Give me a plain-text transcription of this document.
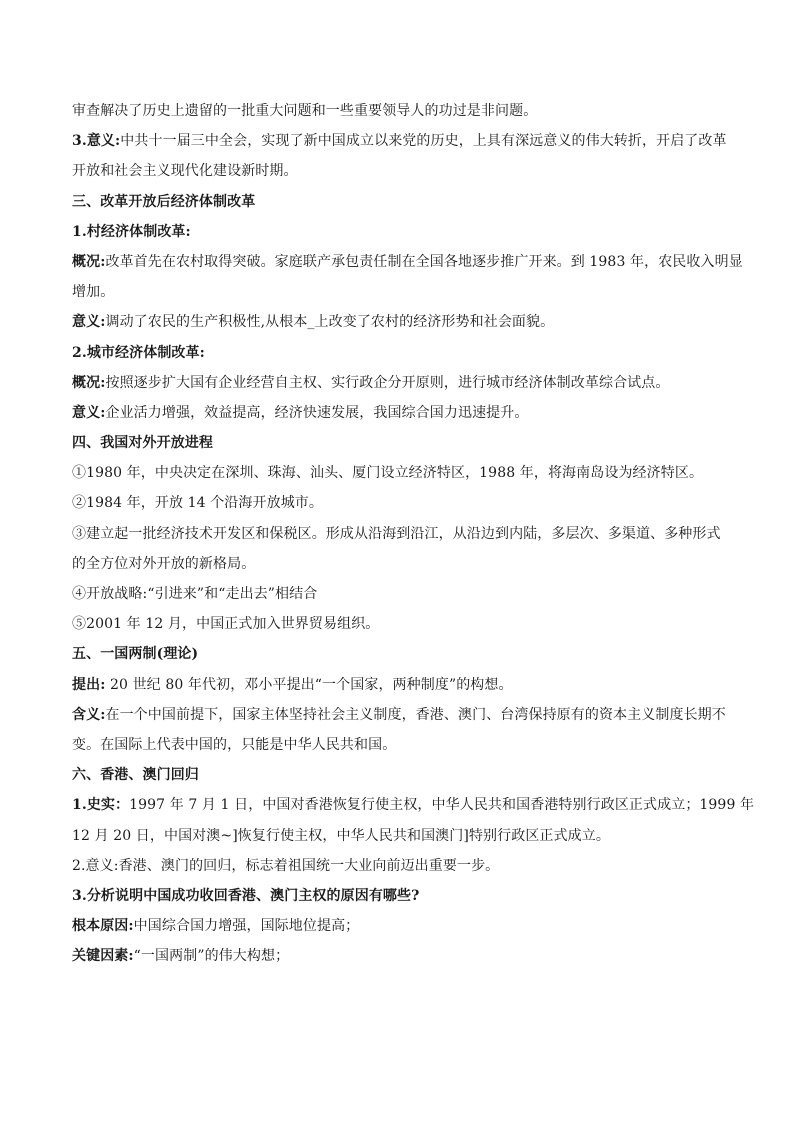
审查解决了历史上遗留的一批重大问题和一些重要领导人的功过是非问题。
3.意义:中共十一届三中全会，实现了新中国成立以来党的历史，上具有深远意义的伟大转折，开启了改革
开放和社会主义现代化建设新时期。
三、改革开放后经济体制改革
1.村经济体制改革:
概况:改革首先在农村取得突破。家庭联产承包责任制在全国各地逐步推广开来。到 1983 年，农民收入明显
增加。
意义:调动了农民的生产积极性,从根本_上改变了农村的经济形势和社会面貌。
2.城市经济体制改革:
概况:按照逐步扩大国有企业经营自主权、实行政企分开原则，进行城市经济体制改革综合试点。
意义:企业活力增强，效益提高，经济快速发展，我国综合国力迅速提升。
四、我国对外开放进程
①1980 年，中央决定在深圳、珠海、汕头、厦门设立经济特区，1988 年，将海南岛设为经济特区。
②1984 年，开放 14 个沿海开放城市。
③建立起一批经济技术开发区和保税区。形成从沿海到沿江，从沿边到内陆，多层次、多渠道、多种形式
的全方位对外开放的新格局。
④开放战略:“引进来”和“走出去”相结合
⑤2001 年 12 月，中国正式加入世界贸易组织。
五、一国两制(理论)
提出: 20 世纪 80 年代初，邓小平提出“一个国家，两种制度”的构想。
含义:在一个中国前提下，国家主体坚持社会主义制度，香港、澳门、台湾保持原有的资本主义制度长期不
变。在国际上代表中国的，只能是中华人民共和国。
六、香港、澳门回归
1.史实：1997 年 7 月 1 日，中国对香港恢复行使主权，中华人民共和国香港特别行政区正式成立；1999 年
12 月 20 日，中国对澳~]恢复行使主权，中华人民共和国澳门]特别行政区正式成立。
2.意义:香港、澳门的回归，标志着祖国统一大业向前迈出重要一步。
3.分析说明中国成功收回香港、澳门主权的原因有哪些?
根本原因:中国综合国力增强，国际地位提高；
关键因素:“一国两制”的伟大构想；
